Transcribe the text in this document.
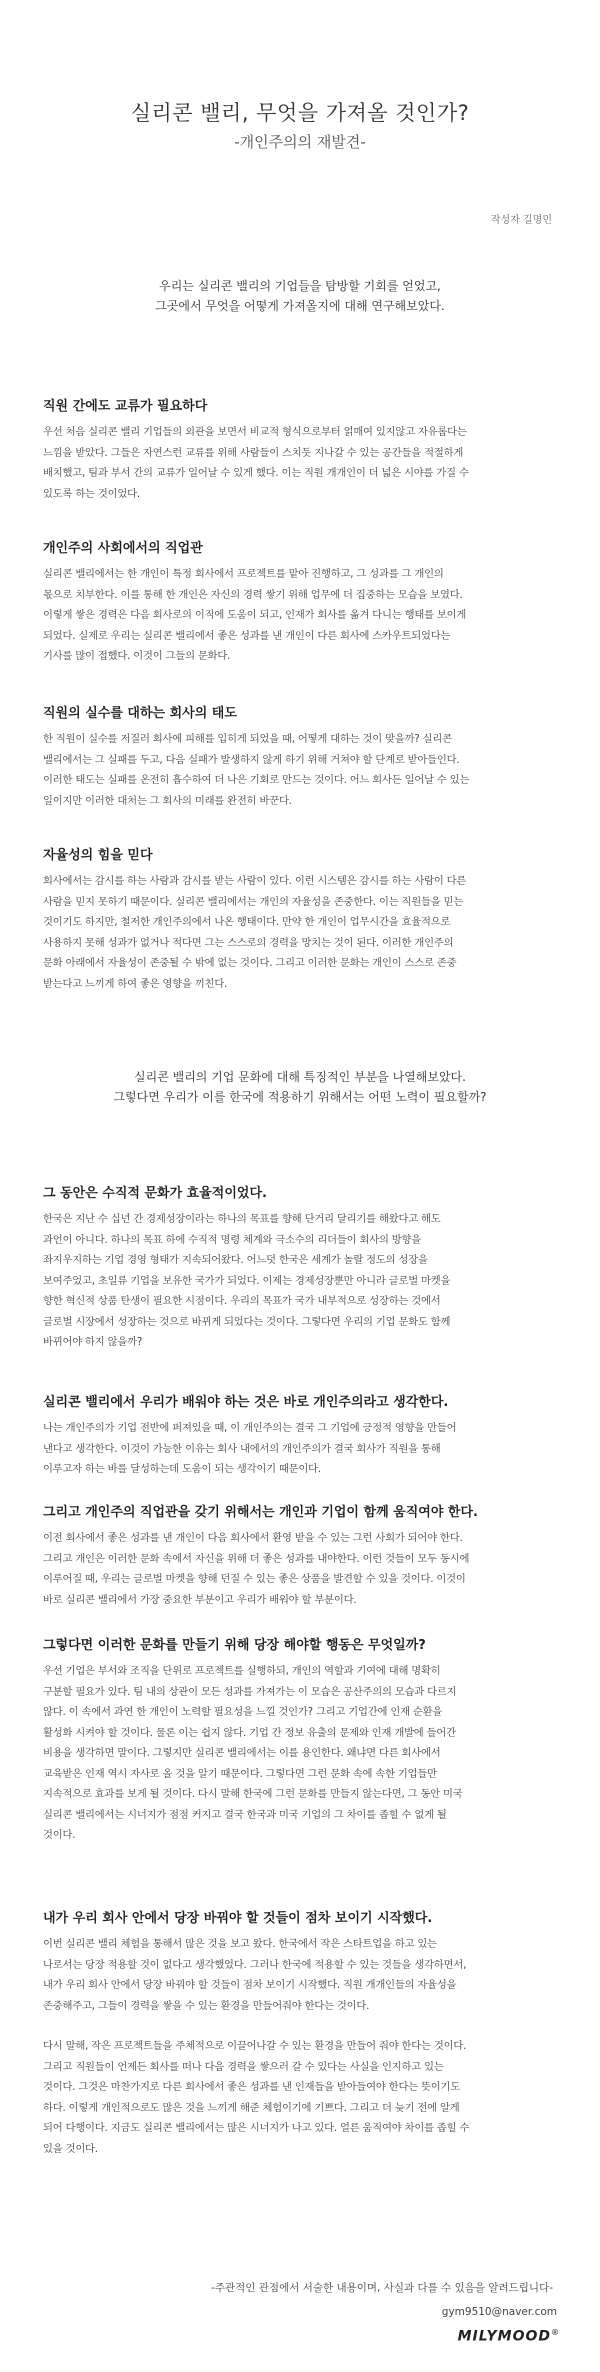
실리콘 밸리, 무엇을 가져올 것인가?
-개인주의의 재발견-
작성자 길명민
우리는 실리콘 밸리의 기업들을 탐방할 기회를 얻었고,
그곳에서 무엇을 어떻게 가져올지에 대해 연구해보았다.
직원 간에도 교류가 필요하다

우선 처음 실리콘 밸리 기업들의 외관을 보면서 비교적 형식으로부터 얽매여 있지않고 자유롭다는
느낌을 받았다. 그들은 자연스런 교류를 위해 사람들이 스치듯 지나갈 수 있는 공간들을 적절하게
배치했고, 팀과 부서 간의 교류가 일어날 수 있게 했다. 이는 직원 개개인이 더 넓은 시야를 가질 수
있도록 하는 것이었다.

개인주의 사회에서의 직업관

실리콘 밸리에서는 한 개인이 특정 회사에서 프로젝트를 맡아 진행하고, 그 성과를 그 개인의
몫으로 치부한다. 이를 통해 한 개인은 자신의 경력 쌓기 위해 업무에 더 집중하는 모습을 보였다.
이렇게 쌓은 경력은 다음 회사로의 이직에 도움이 되고, 인재가 회사를 옮겨 다니는 행태를 보이게
되었다. 실제로 우리는 실리콘 밸리에서 좋은 성과를 낸 개인이 다른 회사에 스카우트되었다는
기사를 많이 접했다. 이것이 그들의 문화다.

직원의 실수를 대하는 회사의 태도

한 직원이 실수를 저질러 회사에 피해를 입히게 되었을 때, 어떻게 대하는 것이 맞을까? 실리콘
밸리에서는 그 실패를 두고, 다음 실패가 발생하지 않게 하기 위해 거쳐야 할 단계로 받아들인다.
이러한 태도는 실패를 온전히 흡수하여 더 나은 기회로 만드는 것이다. 어느 회사든 일어날 수 있는
일이지만 이러한 대처는 그 회사의 미래를 완전히 바꾼다.

자율성의 힘을 믿다

회사에서는 감시를 하는 사람과 감시를 받는 사람이 있다. 이런 시스템은 감시를 하는 사람이 다른
사람을 믿지 못하기 때문이다. 실리콘 밸리에서는 개인의 자율성을 존중한다. 이는 직원들을 믿는
것이기도 하지만, 철저한 개인주의에서 나온 행태이다. 만약 한 개인이 업무시간을 효율적으로
사용하지 못해 성과가 없거나 적다면 그는 스스로의 경력을 망치는 것이 된다. 이러한 개인주의
문화 아래에서 자율성이 존중될 수 밖에 없는 것이다. 그리고 이러한 문화는 개인이 스스로 존중
받는다고 느끼게 하여 좋은 영향을 끼친다.

실리콘 밸리의 기업 문화에 대해 특징적인 부분을 나열해보았다.
그렇다면 우리가 이를 한국에 적용하기 위해서는 어떤 노력이 필요할까?
그 동안은 수직적 문화가 효율적이었다.

한국은 지난 수 십년 간 경제성장이라는 하나의 목표를 향해 단거리 달리기를 해왔다고 해도
과언이 아니다. 하나의 목표 하에 수직적 명령 체계와 극소수의 리더들이 회사의 방향을
좌지우지하는 기업 경영 형태가 지속되어왔다. 어느덧 한국은 세계가 놀랄 정도의 성장을
보여주었고, 초일류 기업을 보유한 국가가 되었다. 이제는 경제성장뿐만 아니라 글로벌 마켓을
향한 혁신적 상품 탄생이 필요한 시점이다. 우리의 목표가 국가 내부적으로 성장하는 것에서
글로벌 시장에서 성장하는 것으로 바뀌게 되었다는 것이다. 그렇다면 우리의 기업 문화도 함께
바뀌어야 하지 않을까?

실리콘 밸리에서 우리가 배워야 하는 것은 바로 개인주의라고 생각한다.

나는 개인주의가 기업 전반에 퍼져있을 때, 이 개인주의는 결국 그 기업에 긍정적 영향을 만들어
낸다고 생각한다. 이것이 가능한 이유는 회사 내에서의 개인주의가 결국 회사가 직원을 통해
이루고자 하는 바를 달성하는데 도움이 되는 생각이기 때문이다.

그리고 개인주의 직업관을 갖기 위해서는 개인과 기업이 함께 움직여야 한다.

이전 회사에서 좋은 성과를 낸 개인이 다음 회사에서 환영 받을 수 있는 그런 사회가 되어야 한다.
그리고 개인은 이러한 문화 속에서 자신을 위해 더 좋은 성과를 내야한다. 이런 것들이 모두 동시에
이루어질 때, 우리는 글로벌 마켓을 향해 던질 수 있는 좋은 상품을 발견할 수 있을 것이다. 이것이
바로 실리콘 밸리에서 가장 중요한 부분이고 우리가 배워야 할 부분이다.

그렇다면 이러한 문화를 만들기 위해 당장 해야할 행동은 무엇일까?

우선 기업은 부서와 조직을 단위로 프로젝트를 실행하되, 개인의 역할과 기여에 대해 명확히
구분할 필요가 있다. 팀 내의 상관이 모든 성과를 가져가는 이 모습은 공산주의의 모습과 다르지
않다. 이 속에서 과연 한 개인이 노력할 필요성을 느낄 것인가? 그리고 기업간에 인재 순환을
활성화 시켜야 할 것이다. 물론 이는 쉽지 않다. 기업 간 정보 유출의 문제와 인재 개발에 들어간
비용을 생각하면 말이다. 그렇지만 실리콘 밸리에서는 이를 용인한다. 왜냐면 다른 회사에서
교육받은 인재 역시 자사로 올 것을 알기 때문이다. 그렇다면 그런 문화 속에 속한 기업들만
지속적으로 효과를 보게 될 것이다. 다시 말해 한국에 그런 문화를 만들지 않는다면, 그 동안 미국
실리콘 밸리에서는 시너지가 점점 커지고 결국 한국과 미국 기업의 그 차이를 좁힐 수 없게 될
것이다.

내가 우리 회사 안에서 당장 바꿔야 할 것들이 점차 보이기 시작했다.

이번 실리콘 밸리 체험을 통해서 많은 것을 보고 왔다. 한국에서 작은 스타트업을 하고 있는
나로서는 당장 적용할 것이 없다고 생각했었다. 그러나 한국에 적용할 수 있는 것들을 생각하면서,
내가 우리 회사 안에서 당장 바꿔야 할 것들이 점차 보이기 시작했다. 직원 개개인들의 자율성을
존중해주고, 그들이 경력을 쌓을 수 있는 환경을 만들어줘야 한다는 것이다.

다시 말해, 작은 프로젝트들을 주체적으로 이끌어나갈 수 있는 환경을 만들어 줘야 한다는 것이다.
그리고 직원들이 언제든 회사를 떠나 다음 경력을 쌓으러 갈 수 있다는 사실을 인지하고 있는
것이다. 그것은 마찬가지로 다른 회사에서 좋은 성과를 낸 인재들을 받아들여야 한다는 뜻이기도
하다. 이렇게 개인적으로도 많은 것을 느끼게 해준 체험이기에 기쁘다. 그리고 더 늦기 전에 알게
되어 다행이다. 지금도 실리콘 밸리에서는 많은 시너지가 나고 있다. 얼른 움직여야 차이를 좁힐 수
있을 것이다.

-주관적인 관점에서 서술한 내용이며, 사실과 다를 수 있음을 알려드립니다-
gym9510@naver.com
MILYMOOD®
